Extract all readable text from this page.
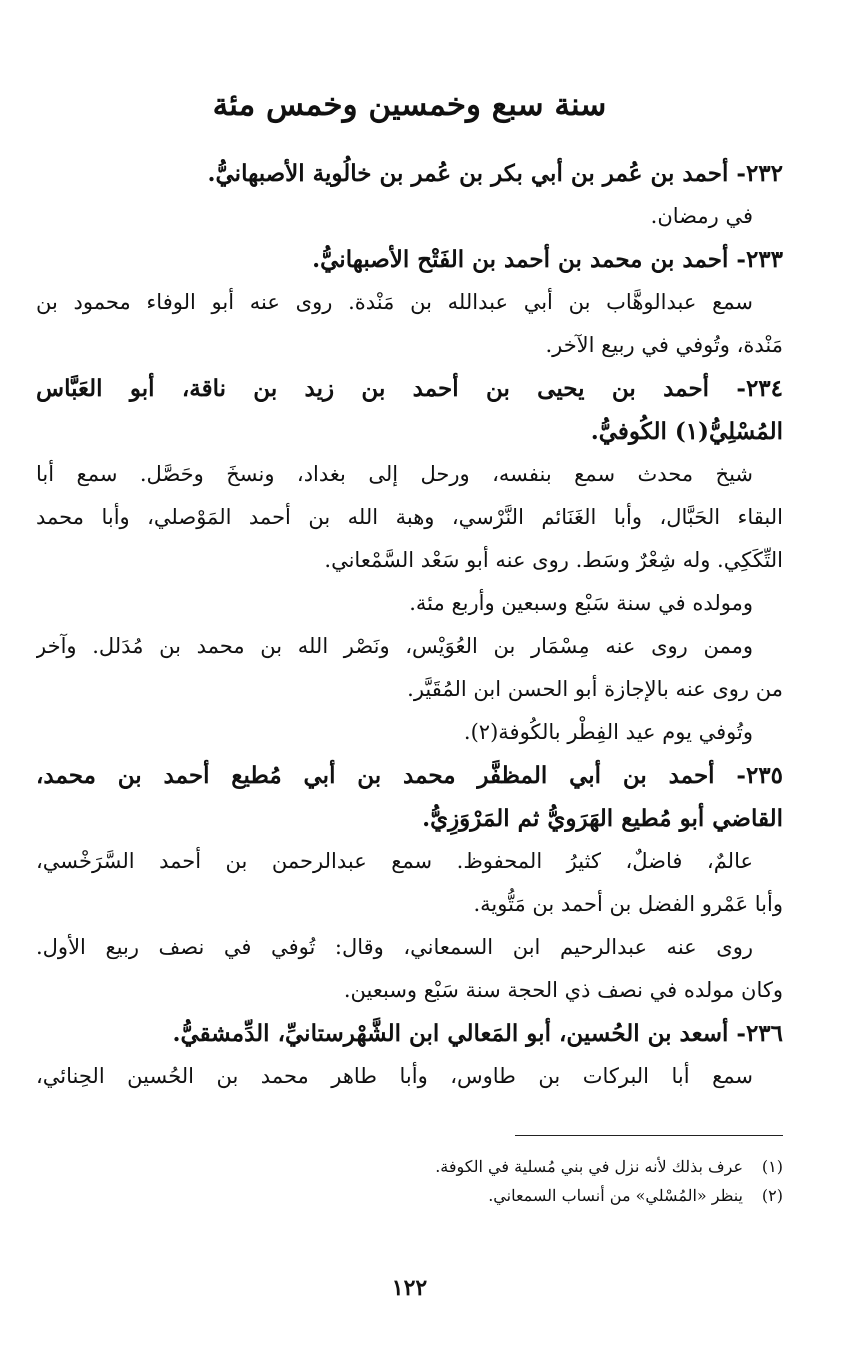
سنة سبع وخمسين وخمس مئة
٢٣٢- أحمد بن عُمر بن أبي بكر بن عُمر بن خالُوية الأصبهانيُّ.
في رمضان.
٢٣٣- أحمد بن محمد بن أحمد بن الفَتْح الأصبهانيُّ.
سمع عبدالوهَّاب بن أبي عبدالله بن مَنْدة. روى عنه أبو الوفاء محمود بن
مَنْدة، وتُوفي في ربيع الآخر.
٢٣٤- أحمد بن يحيى بن أحمد بن زيد بن ناقة، أبو العَبَّاس
المُسْلِيُّ(١) الكُوفيُّ.
شيخ محدث سمع بنفسه، ورحل إلى بغداد، ونسخَ وحَصَّل. سمع أبا
البقاء الحَبَّال، وأبا الغَنَائم النَّرْسي، وهبة الله بن أحمد المَوْصلي، وأبا محمد
التِّكَكِي. وله شِعْرٌ وسَط. روى عنه أبو سَعْد السَّمْعاني.
ومولده في سنة سَبْع وسبعين وأربع مئة.
وممن روى عنه مِسْمَار بن العُوَيْس، ونَصْر الله بن محمد بن مُدَلل. وآخر
من روى عنه بالإجازة أبو الحسن ابن المُقَيَّر.
وتُوفي يوم عيد الفِطْر بالكُوفة(٢).
٢٣٥- أحمد بن أبي المظفَّر محمد بن أبي مُطيع أحمد بن محمد،
القاضي أبو مُطيع الهَرَويُّ ثم المَرْوَزِيُّ.
عالمٌ، فاضلٌ، كثيرُ المحفوظ. سمع عبدالرحمن بن أحمد السَّرَخْسي،
وأبا عَمْرو الفضل بن أحمد بن مَتُّوية.
روى عنه عبدالرحيم ابن السمعاني، وقال: تُوفي في نصف ربيع الأول.
وكان مولده في نصف ذي الحجة سنة سَبْع وسبعين.
٢٣٦- أسعد بن الحُسين، أبو المَعالي ابن الشَّهْرستانيِّ، الدِّمشقيُّ.
سمع أبا البركات بن طاوس، وأبا طاهر محمد بن الحُسين الحِنائي،
(١)
عرف بذلك لأنه نزل في بني مُسلية في الكوفة.
(٢)
ينظر «المُسْلي» من أنساب السمعاني.
١٢٢
